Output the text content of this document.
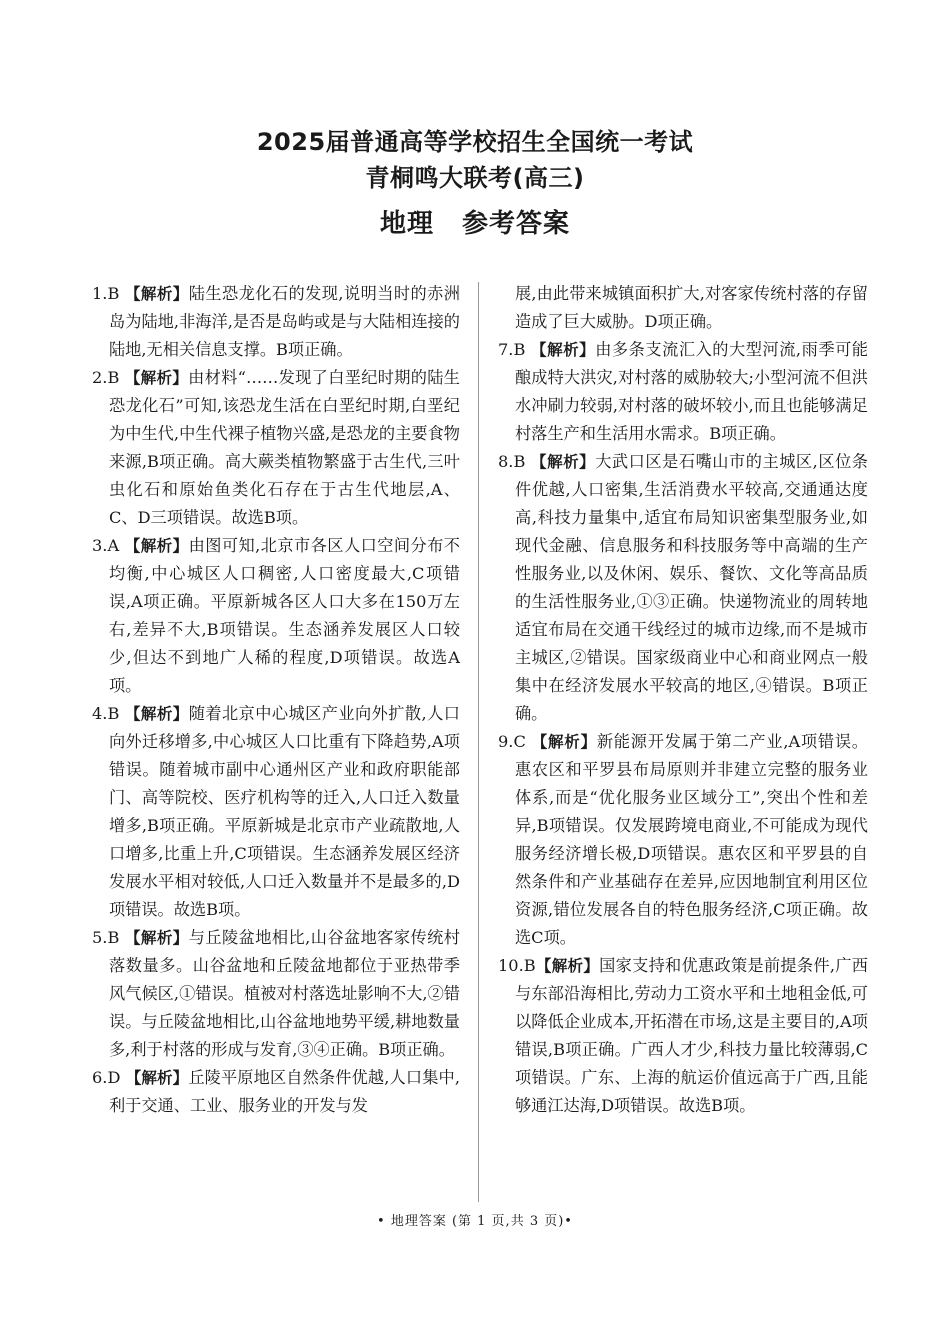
2025届普通高等学校招生全国统一考试
青桐鸣大联考(高三)
地理 参考答案

1.B 【解析】陆生恐龙化石的发现,说明当时的赤洲岛为陆地,非海洋,是否是岛屿或是与大陆相连接的陆地,无相关信息支撑。B项正确。

2.B 【解析】由材料“……发现了白垩纪时期的陆生恐龙化石”可知,该恐龙生活在白垩纪时期,白垩纪为中生代,中生代裸子植物兴盛,是恐龙的主要食物来源,B项正确。高大蕨类植物繁盛于古生代,三叶虫化石和原始鱼类化石存在于古生代地层,A、C、D三项错误。故选B项。

3.A 【解析】由图可知,北京市各区人口空间分布不均衡,中心城区人口稠密,人口密度最大,C项错误,A项正确。平原新城各区人口大多在150万左右,差异不大,B项错误。生态涵养发展区人口较少,但达不到地广人稀的程度,D项错误。故选A项。

4.B 【解析】随着北京中心城区产业向外扩散,人口向外迁移增多,中心城区人口比重有下降趋势,A项错误。随着城市副中心通州区产业和政府职能部门、高等院校、医疗机构等的迁入,人口迁入数量增多,B项正确。平原新城是北京市产业疏散地,人口增多,比重上升,C项错误。生态涵养发展区经济发展水平相对较低,人口迁入数量并不是最多的,D项错误。故选B项。

5.B 【解析】与丘陵盆地相比,山谷盆地客家传统村落数量多。山谷盆地和丘陵盆地都位于亚热带季风气候区,①错误。植被对村落选址影响不大,②错误。与丘陵盆地相比,山谷盆地地势平缓,耕地数量多,利于村落的形成与发育,③④正确。B项正确。

6.D 【解析】丘陵平原地区自然条件优越,人口集中,利于交通、工业、服务业的开发与发

展,由此带来城镇面积扩大,对客家传统村落的存留造成了巨大威胁。D项正确。

7.B 【解析】由多条支流汇入的大型河流,雨季可能酿成特大洪灾,对村落的威胁较大;小型河流不但洪水冲刷力较弱,对村落的破坏较小,而且也能够满足村落生产和生活用水需求。B项正确。

8.B 【解析】大武口区是石嘴山市的主城区,区位条件优越,人口密集,生活消费水平较高,交通通达度高,科技力量集中,适宜布局知识密集型服务业,如现代金融、信息服务和科技服务等中高端的生产性服务业,以及休闲、娱乐、餐饮、文化等高品质的生活性服务业,①③正确。快递物流业的周转地适宜布局在交通干线经过的城市边缘,而不是城市主城区,②错误。国家级商业中心和商业网点一般集中在经济发展水平较高的地区,④错误。B项正确。

9.C 【解析】新能源开发属于第二产业,A项错误。惠农区和平罗县布局原则并非建立完整的服务业体系,而是“优化服务业区域分工”,突出个性和差异,B项错误。仅发展跨境电商业,不可能成为现代服务经济增长极,D项错误。惠农区和平罗县的自然条件和产业基础存在差异,应因地制宜利用区位资源,错位发展各自的特色服务经济,C项正确。故选C项。

10.B【解析】国家支持和优惠政策是前提条件,广西与东部沿海相比,劳动力工资水平和土地租金低,可以降低企业成本,开拓潜在市场,这是主要目的,A项错误,B项正确。广西人才少,科技力量比较薄弱,C项错误。广东、上海的航运价值远高于广西,且能够通江达海,D项错误。故选B项。

• 地理答案 (第 1 页,共 3 页)•
